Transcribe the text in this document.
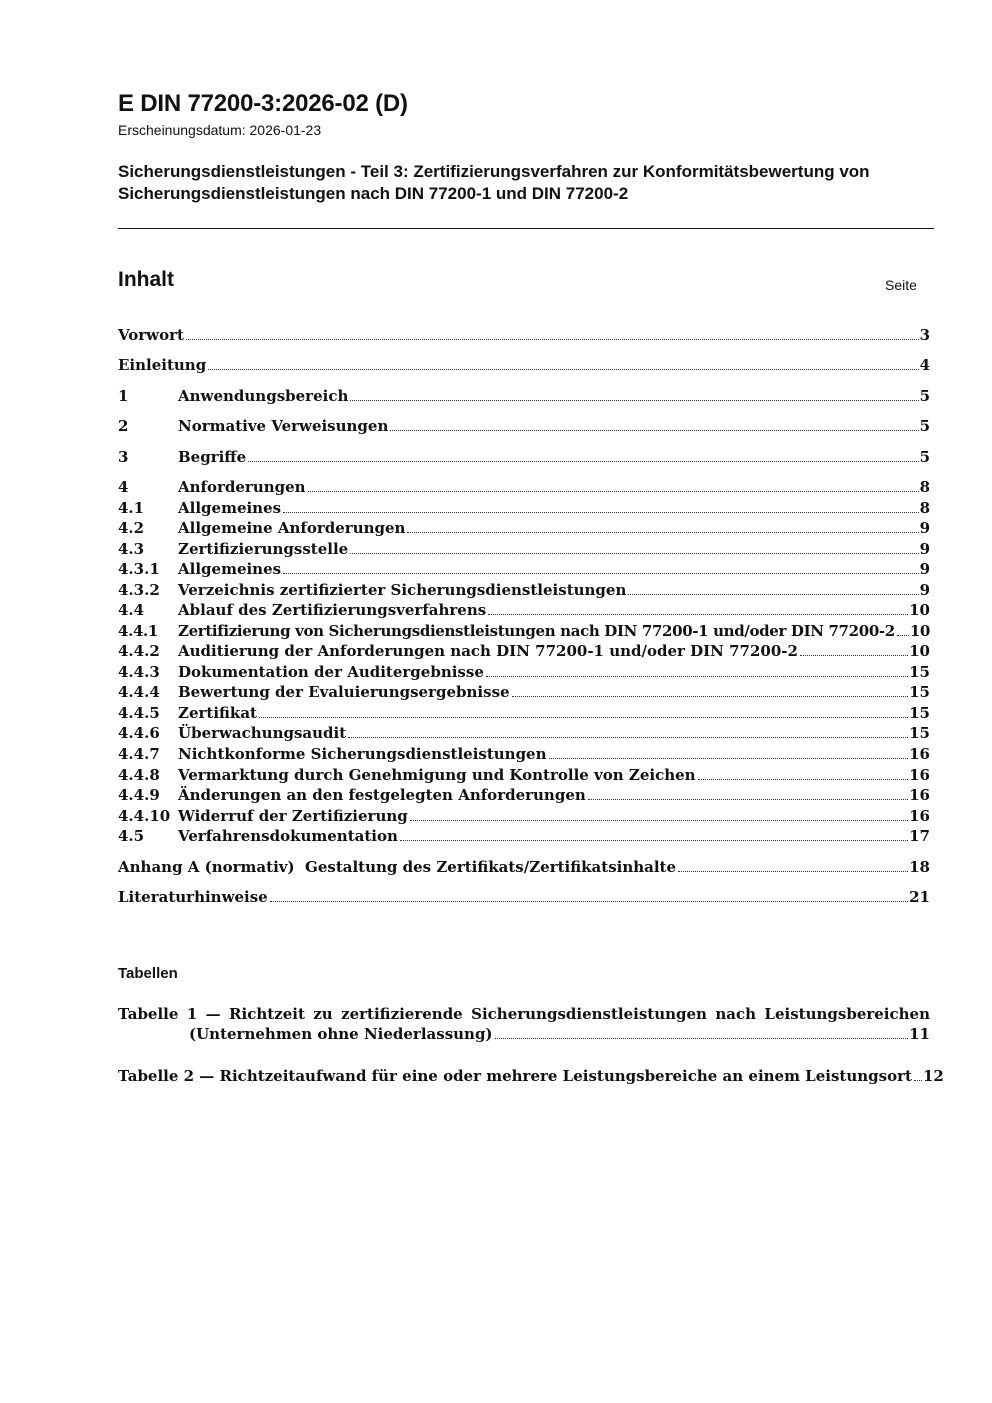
E DIN 77200-3:2026-02 (D)

Erscheinungsdatum: 2026-01-23

Sicherungsdienstleistungen - Teil 3: Zertifizierungsverfahren zur Konformitätsbewertung von Sicherungsdienstleistungen nach DIN 77200-1 und DIN 77200-2
Inhalt	Seite
Vorwort	3
Einleitung	4
1	Anwendungsbereich	5
2	Normative Verweisungen	5
3	Begriffe	5
4	Anforderungen	8
4.1	Allgemeines	8
4.2	Allgemeine Anforderungen	9
4.3	Zertifizierungsstelle	9
4.3.1	Allgemeines	9
4.3.2	Verzeichnis zertifizierter Sicherungsdienstleistungen	9
4.4	Ablauf des Zertifizierungsverfahrens	10
4.4.1	Zertifizierung von Sicherungsdienstleistungen nach DIN 77200-1 und/oder DIN 77200-2 10
4.4.2	Auditierung der Anforderungen nach DIN 77200-1 und/oder DIN 77200-2	10
4.4.3	Dokumentation der Auditergebnisse	15
4.4.4	Bewertung der Evaluierungsergebnisse	15
4.4.5	Zertifikat	15
4.4.6	Überwachungsaudit	15
4.4.7	Nichtkonforme Sicherungsdienstleistungen	16
4.4.8	Vermarktung durch Genehmigung und Kontrolle von Zeichen	16
4.4.9	Änderungen an den festgelegten Anforderungen	16
4.4.10 Widerruf der Zertifizierung	16
4.5	Verfahrensdokumentation	17
Anhang A (normativ)  Gestaltung des Zertifikats/Zertifikatsinhalte	18
Literaturhinweise	21
Tabellen
Tabelle 1 — Richtzeit zu zertifizierende Sicherungsdienstleistungen nach Leistungsbereichen
(Unternehmen ohne Niederlassung)	11
Tabelle 2 — Richtzeitaufwand für eine oder mehrere Leistungsbereiche an einem Leistungsort 12
